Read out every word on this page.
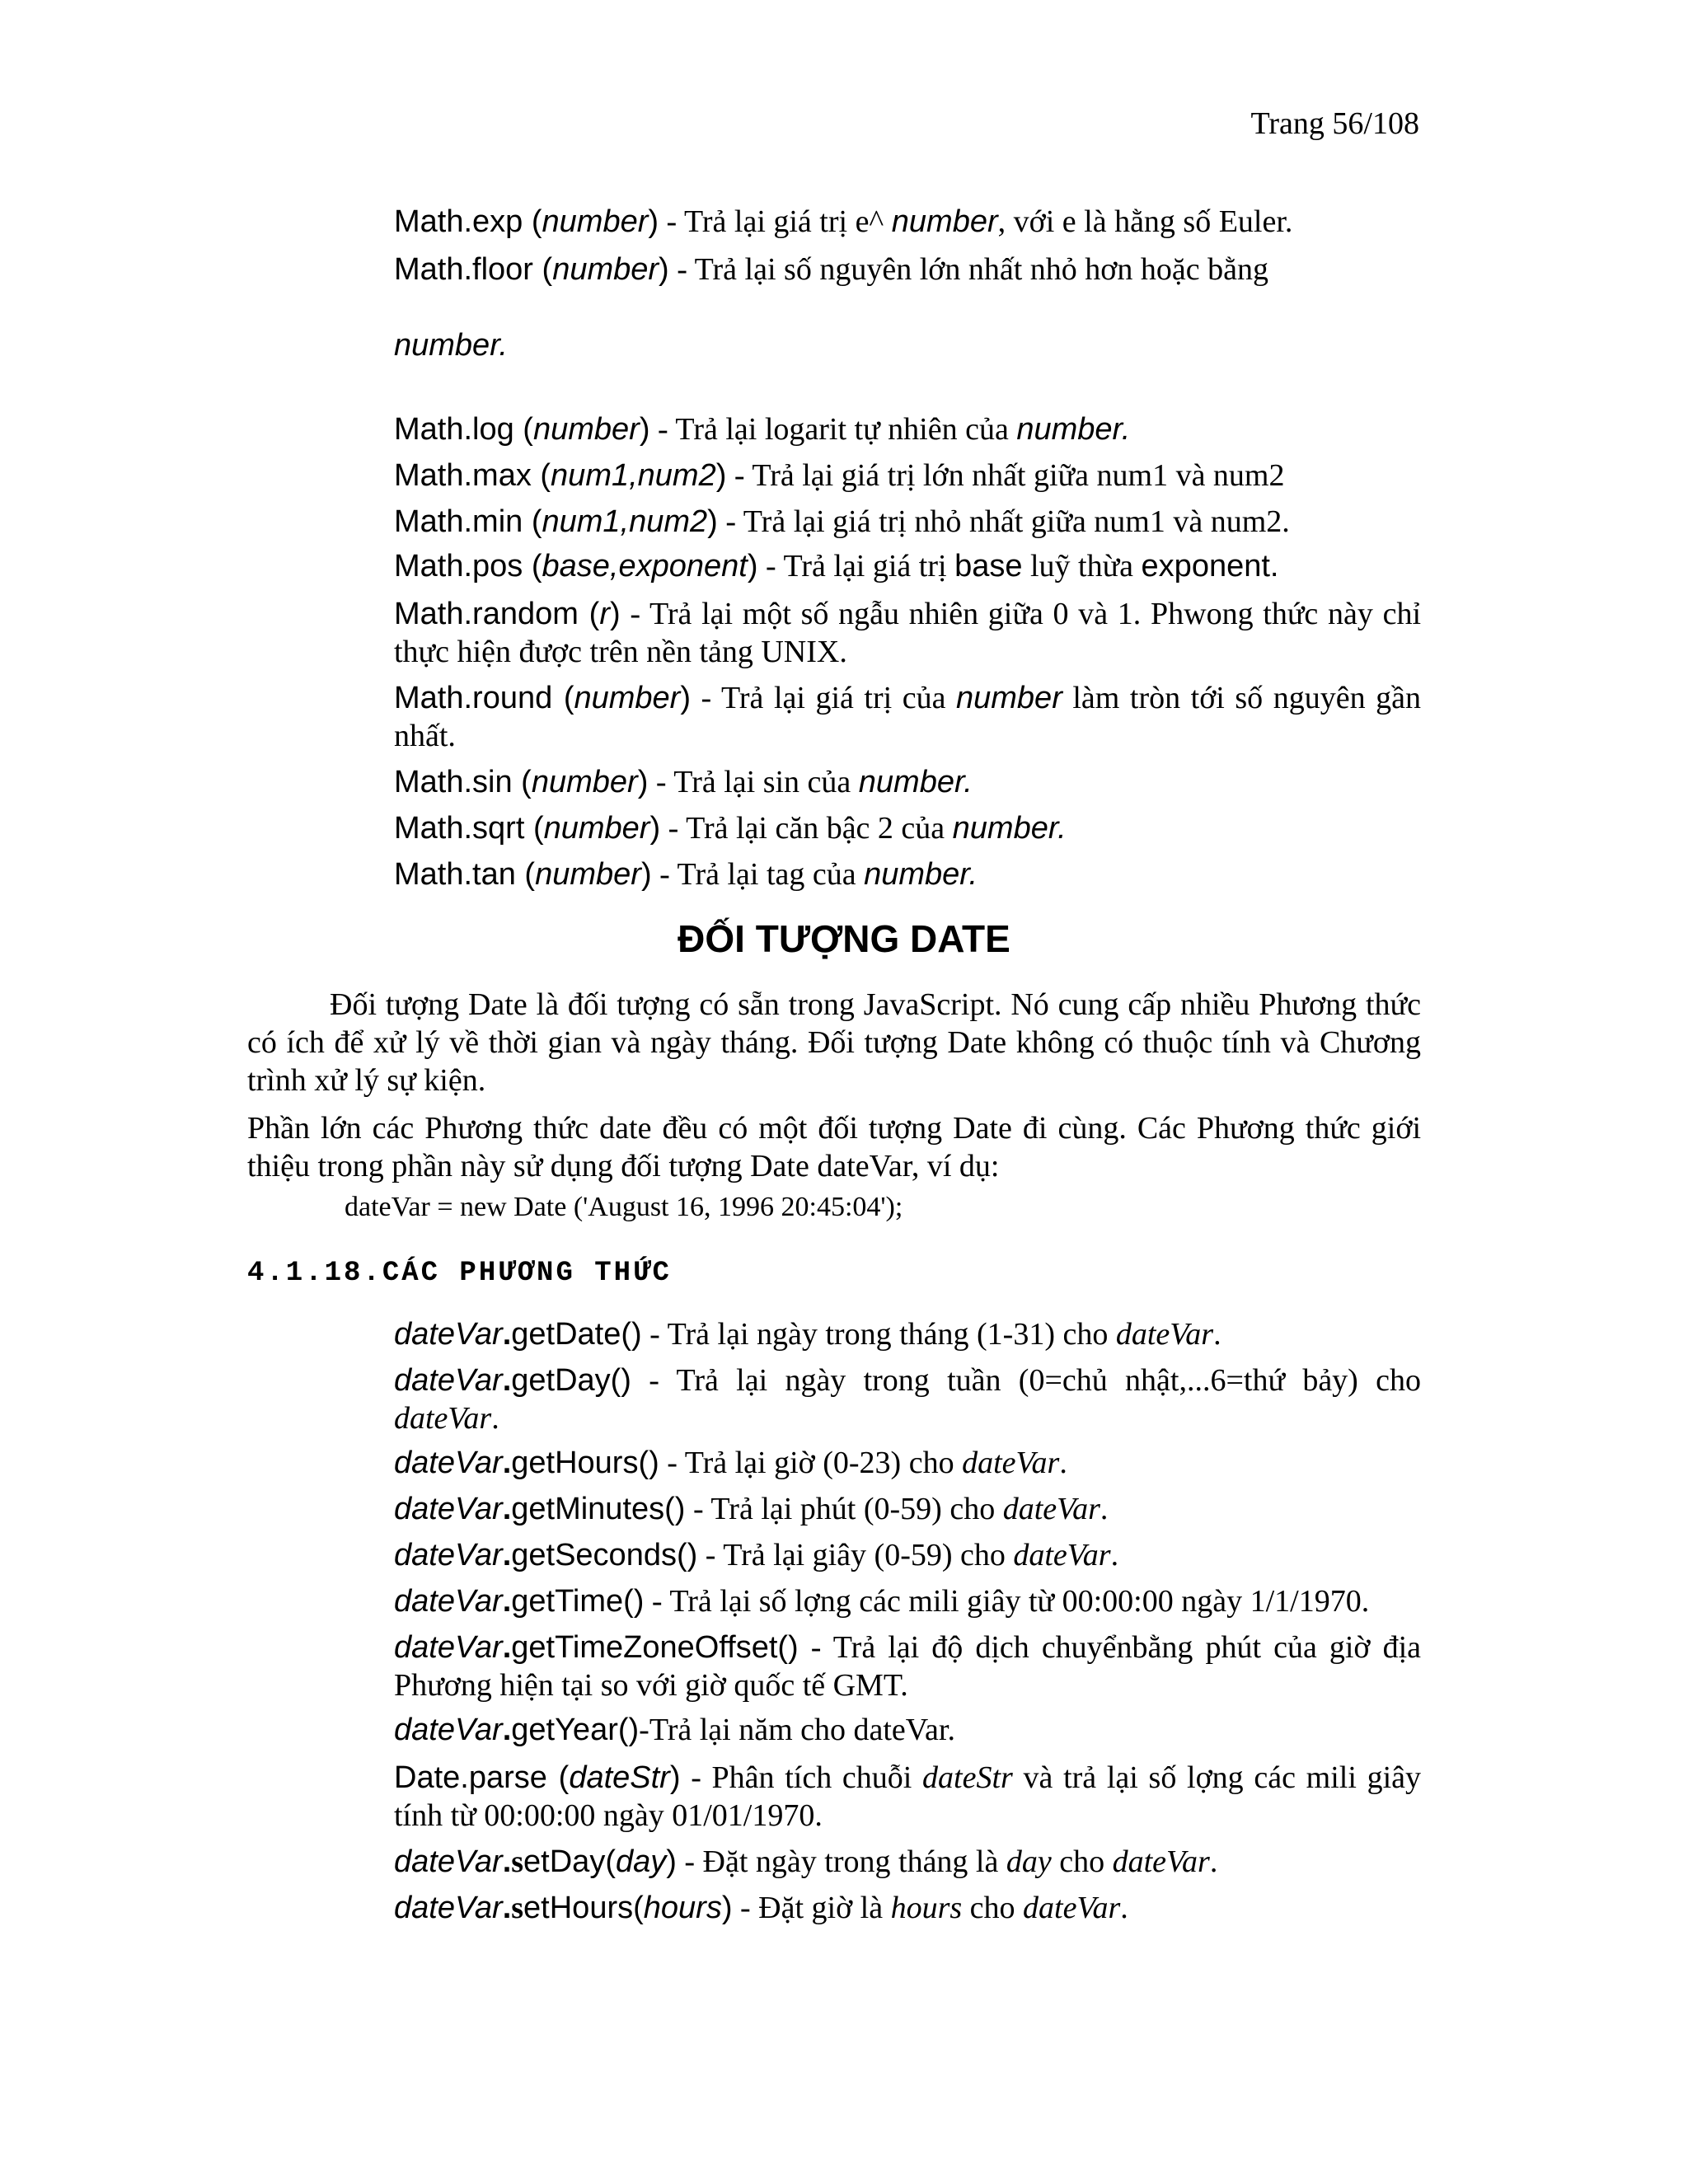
Trang 56/108
Math.exp (number) - Trả lại giá trị e^ number, với e là hằng số Euler.
Math.floor (number) - Trả lại số nguyên lớn nhất nhỏ hơn hoặc bằng
number.
Math.log (number) - Trả lại logarit tự nhiên của number.
Math.max (num1,num2) - Trả lại giá trị lớn nhất giữa num1 và num2
Math.min (num1,num2) - Trả lại giá trị nhỏ nhất giữa num1 và num2.
Math.pos (base,exponent) - Trả lại giá trị base luỹ thừa exponent.
Math.random (r) - Trả lại một số ngẫu nhiên giữa 0 và 1. Phwong thức này chỉ thực hiện được trên nền tảng UNIX.
Math.round (number) - Trả lại giá trị của number làm tròn tới số nguyên gần nhất.
Math.sin (number) - Trả lại sin của number.
Math.sqrt (number) - Trả lại căn bậc 2 của number.
Math.tan (number) - Trả lại tag của number.
ĐỐI TƯỢNG DATE
Đối tượng Date là đối tượng có sẵn trong JavaScript. Nó cung cấp nhiều Phương thức có ích để xử lý về thời gian và ngày tháng. Đối tượng Date không có thuộc tính và Chương trình xử lý sự kiện.
Phần lớn các Phương thức date đều có một đối tượng Date đi cùng. Các Phương thức giới thiệu trong phần này sử dụng đối tượng Date dateVar, ví dụ:
dateVar = new Date ('August 16, 1996 20:45:04');
4.1.18.CÁC PHƯƠNG THỨC
dateVar.getDate() - Trả lại ngày trong tháng (1-31) cho dateVar.
dateVar.getDay() - Trả lại ngày trong tuần (0=chủ nhật,...6=thứ bảy) cho dateVar.
dateVar.getHours() - Trả lại giờ (0-23) cho dateVar.
dateVar.getMinutes() - Trả lại phút (0-59) cho dateVar.
dateVar.getSeconds() - Trả lại giây (0-59) cho dateVar.
dateVar.getTime() - Trả lại số lợng các mili giây từ 00:00:00 ngày 1/1/1970.
dateVar.getTimeZoneOffset() - Trả lại độ dịch chuyểnbằng phút của giờ địa Phương hiện tại so với giờ quốc tế GMT.
dateVar.getYear()-Trả lại năm cho dateVar.
Date.parse (dateStr) - Phân tích chuỗi dateStr và trả lại số lợng các mili giây tính từ 00:00:00 ngày 01/01/1970.
dateVar.setDay(day) - Đặt ngày trong tháng là day cho dateVar.
dateVar.setHours(hours) - Đặt giờ là hours cho dateVar.
